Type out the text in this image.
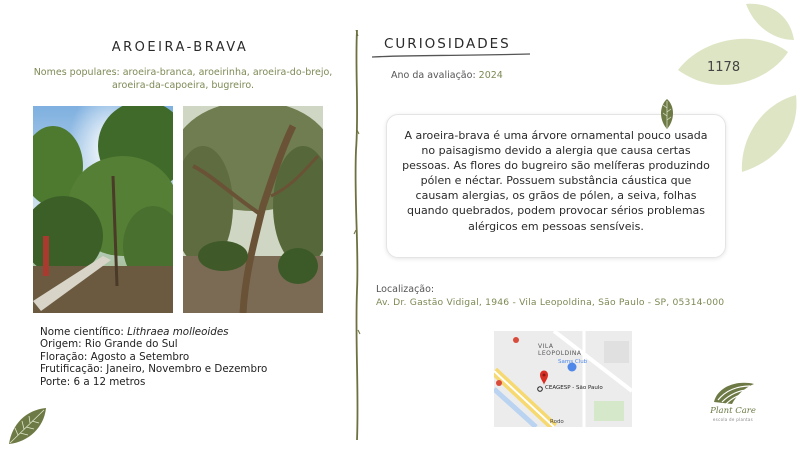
AROEIRA-BRAVA
Nomes populares: aroeira-branca, aroeirinha, aroeira-do-brejo, aroeira-da-capoeira, bugreiro.
Nome científico: Lithraea molleoides
Origem: Rio Grande do Sul
Floração: Agosto a Setembro
Frutificação: Janeiro, Novembro e Dezembro
Porte: 6 a 12 metros
CURIOSIDADES
Ano da avaliação: 2024
A aroeira-brava é uma árvore ornamental pouco usada no paisagismo devido a alergia que causa certas pessoas. As flores do bugreiro são melíferas produzindo pólen e néctar. Possuem substância cáustica que causam alergias, os grãos de pólen, a seiva, folhas quando quebrados, podem provocar sérios problemas alérgicos em pessoas sensíveis.
Localização:
Av. Dr. Gastão Vidigal, 1946 - Vila Leopoldina, São Paulo - SP, 05314-000
VILA
LEOPOLDINA
Sams Club
CEAGESP - São Paulo
Rodo
1178
Plant Care
escola de plantas
